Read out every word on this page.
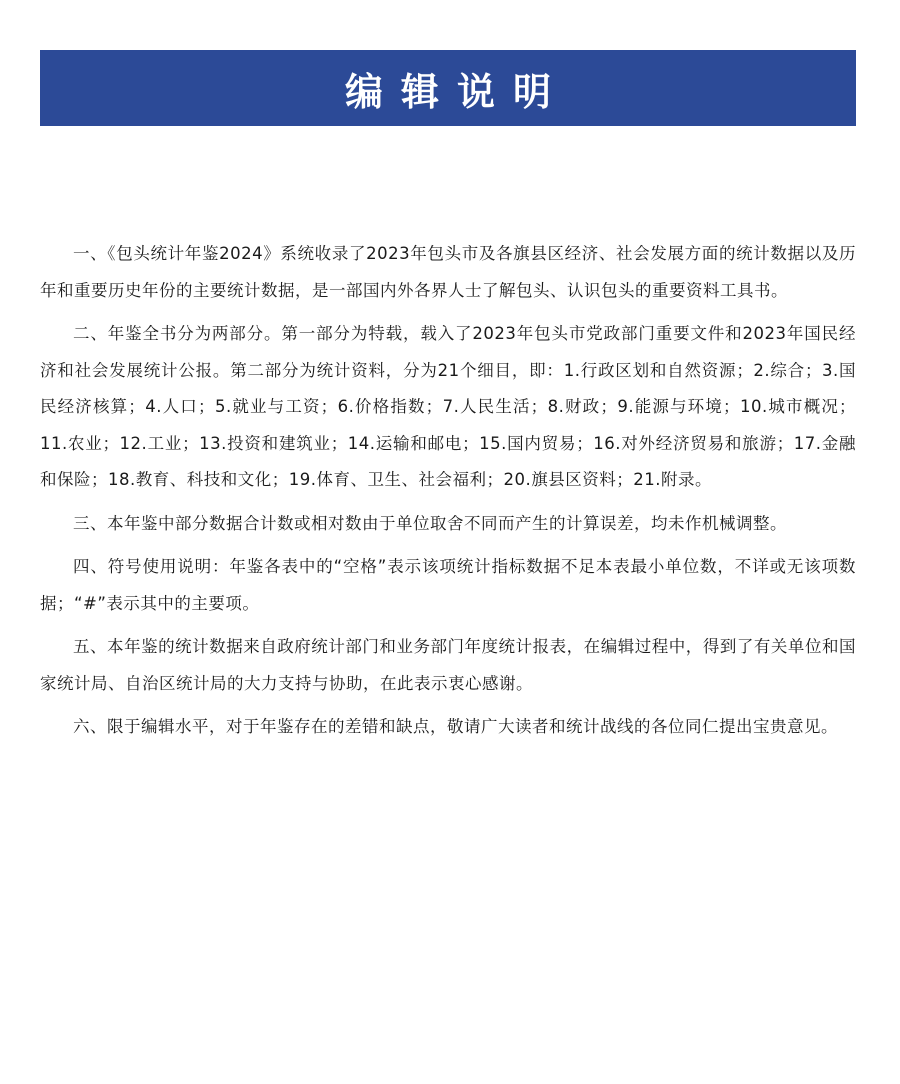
编辑说明

一、《包头统计年鉴2024》系统收录了2023年包头市及各旗县区经济、社会发展方面的统计数据以及历年和重要历史年份的主要统计数据，是一部国内外各界人士了解包头、认识包头的重要资料工具书。

二、年鉴全书分为两部分。第一部分为特载，载入了2023年包头市党政部门重要文件和2023年国民经济和社会发展统计公报。第二部分为统计资料，分为21个细目，即：1.行政区划和自然资源；2.综合；3.国民经济核算；4.人口；5.就业与工资；6.价格指数；7.人民生活；8.财政；9.能源与环境；10.城市概况；11.农业；12.工业；13.投资和建筑业；14.运输和邮电；15.国内贸易；16.对外经济贸易和旅游；17.金融和保险；18.教育、科技和文化；19.体育、卫生、社会福利；20.旗县区资料；21.附录。

三、本年鉴中部分数据合计数或相对数由于单位取舍不同而产生的计算误差，均未作机械调整。

四、符号使用说明：年鉴各表中的“空格”表示该项统计指标数据不足本表最小单位数，不详或无该项数据；“#”表示其中的主要项。

五、本年鉴的统计数据来自政府统计部门和业务部门年度统计报表，在编辑过程中，得到了有关单位和国家统计局、自治区统计局的大力支持与协助，在此表示衷心感谢。

六、限于编辑水平，对于年鉴存在的差错和缺点，敬请广大读者和统计战线的各位同仁提出宝贵意见。
